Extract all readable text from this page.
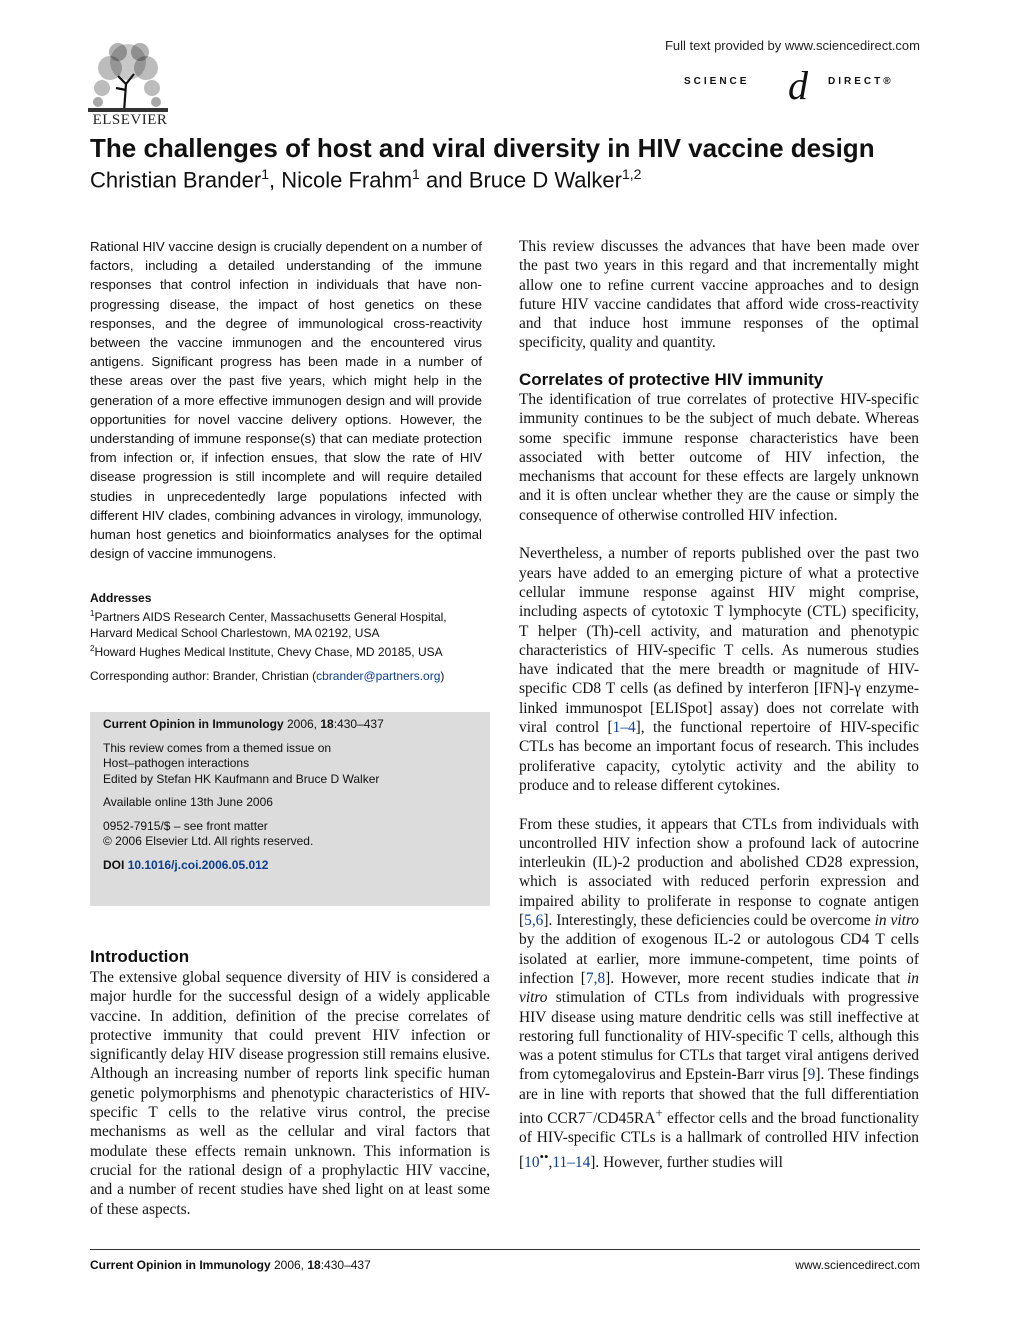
ELSEVIER
Full text provided by www.sciencedirect.com
SCIENCE d DIRECT®
The challenges of host and viral diversity in HIV vaccine design
Christian Brander$^1$, Nicole Frahm$^1$ and Bruce D Walker$^{1,2}$
Rational HIV vaccine design is crucially dependent on a number of factors, including a detailed understanding of the immune responses that control infection in individuals that have non-progressing disease, the impact of host genetics on these responses, and the degree of immunological cross-reactivity between the vaccine immunogen and the encountered virus antigens. Significant progress has been made in a number of these areas over the past five years, which might help in the generation of a more effective immunogen design and will provide opportunities for novel vaccine delivery options. However, the understanding of immune response(s) that can mediate protection from infection or, if infection ensues, that slow the rate of HIV disease progression is still incomplete and will require detailed studies in unprecedentedly large populations infected with different HIV clades, combining advances in virology, immunology, human host genetics and bioinformatics analyses for the optimal design of vaccine immunogens.
Addresses
$^1$Partners AIDS Research Center, Massachusetts General Hospital, Harvard Medical School Charlestown, MA 02192, USA
$^2$Howard Hughes Medical Institute, Chevy Chase, MD 20185, USA
Corresponding author: Brander, Christian (cbrander@partners.org)
Current Opinion in Immunology 2006, 18:430–437
This review comes from a themed issue on
Host–pathogen interactions
Edited by Stefan HK Kaufmann and Bruce D Walker
Available online 13th June 2006
0952-7915/$ – see front matter
© 2006 Elsevier Ltd. All rights reserved.
DOI 10.1016/j.coi.2006.05.012
Introduction
The extensive global sequence diversity of HIV is considered a major hurdle for the successful design of a widely applicable vaccine. In addition, definition of the precise correlates of protective immunity that could prevent HIV infection or significantly delay HIV disease progression still remains elusive. Although an increasing number of reports link specific human genetic polymorphisms and phenotypic characteristics of HIV-specific T cells to the relative virus control, the precise mechanisms as well as the cellular and viral factors that modulate these effects remain unknown. This information is crucial for the rational design of a prophylactic HIV vaccine, and a number of recent studies have shed light on at least some of these aspects.

This review discusses the advances that have been made over the past two years in this regard and that incrementally might allow one to refine current vaccine approaches and to design future HIV vaccine candidates that afford wide cross-reactivity and that induce host immune responses of the optimal specificity, quality and quantity.

Correlates of protective HIV immunity

The identification of true correlates of protective HIV-specific immunity continues to be the subject of much debate. Whereas some specific immune response characteristics have been associated with better outcome of HIV infection, the mechanisms that account for these effects are largely unknown and it is often unclear whether they are the cause or simply the consequence of otherwise controlled HIV infection.

Nevertheless, a number of reports published over the past two years have added to an emerging picture of what a protective cellular immune response against HIV might comprise, including aspects of cytotoxic T lymphocyte (CTL) specificity, T helper (Th)-cell activity, and maturation and phenotypic characteristics of HIV-specific T cells. As numerous studies have indicated that the mere breadth or magnitude of HIV-specific CD8 T cells (as defined by interferon [IFN]-γ enzyme-linked immunospot [ELISpot] assay) does not correlate with viral control [1–4], the functional repertoire of HIV-specific CTLs has become an important focus of research. This includes proliferative capacity, cytolytic activity and the ability to produce and to release different cytokines.

From these studies, it appears that CTLs from individuals with uncontrolled HIV infection show a profound lack of autocrine interleukin (IL)-2 production and abolished CD28 expression, which is associated with reduced perforin expression and impaired ability to proliferate in response to cognate antigen [5,6]. Interestingly, these deficiencies could be overcome in vitro by the addition of exogenous IL-2 or autologous CD4 T cells isolated at earlier, more immune-competent, time points of infection [7,8]. However, more recent studies indicate that in vitro stimulation of CTLs from individuals with progressive HIV disease using mature dendritic cells was still ineffective at restoring full functionality of HIV-specific T cells, although this was a potent stimulus for CTLs that target viral antigens derived from cytomegalovirus and Epstein-Barr virus [9]. These findings are in line with reports that showed that the full differentiation into CCR7−/CD45RA+ effector cells and the broad functionality of HIV-specific CTLs is a hallmark of controlled HIV infection [10••,11–14]. However, further studies will

Current Opinion in Immunology 2006, 18:430–437	www.sciencedirect.com
